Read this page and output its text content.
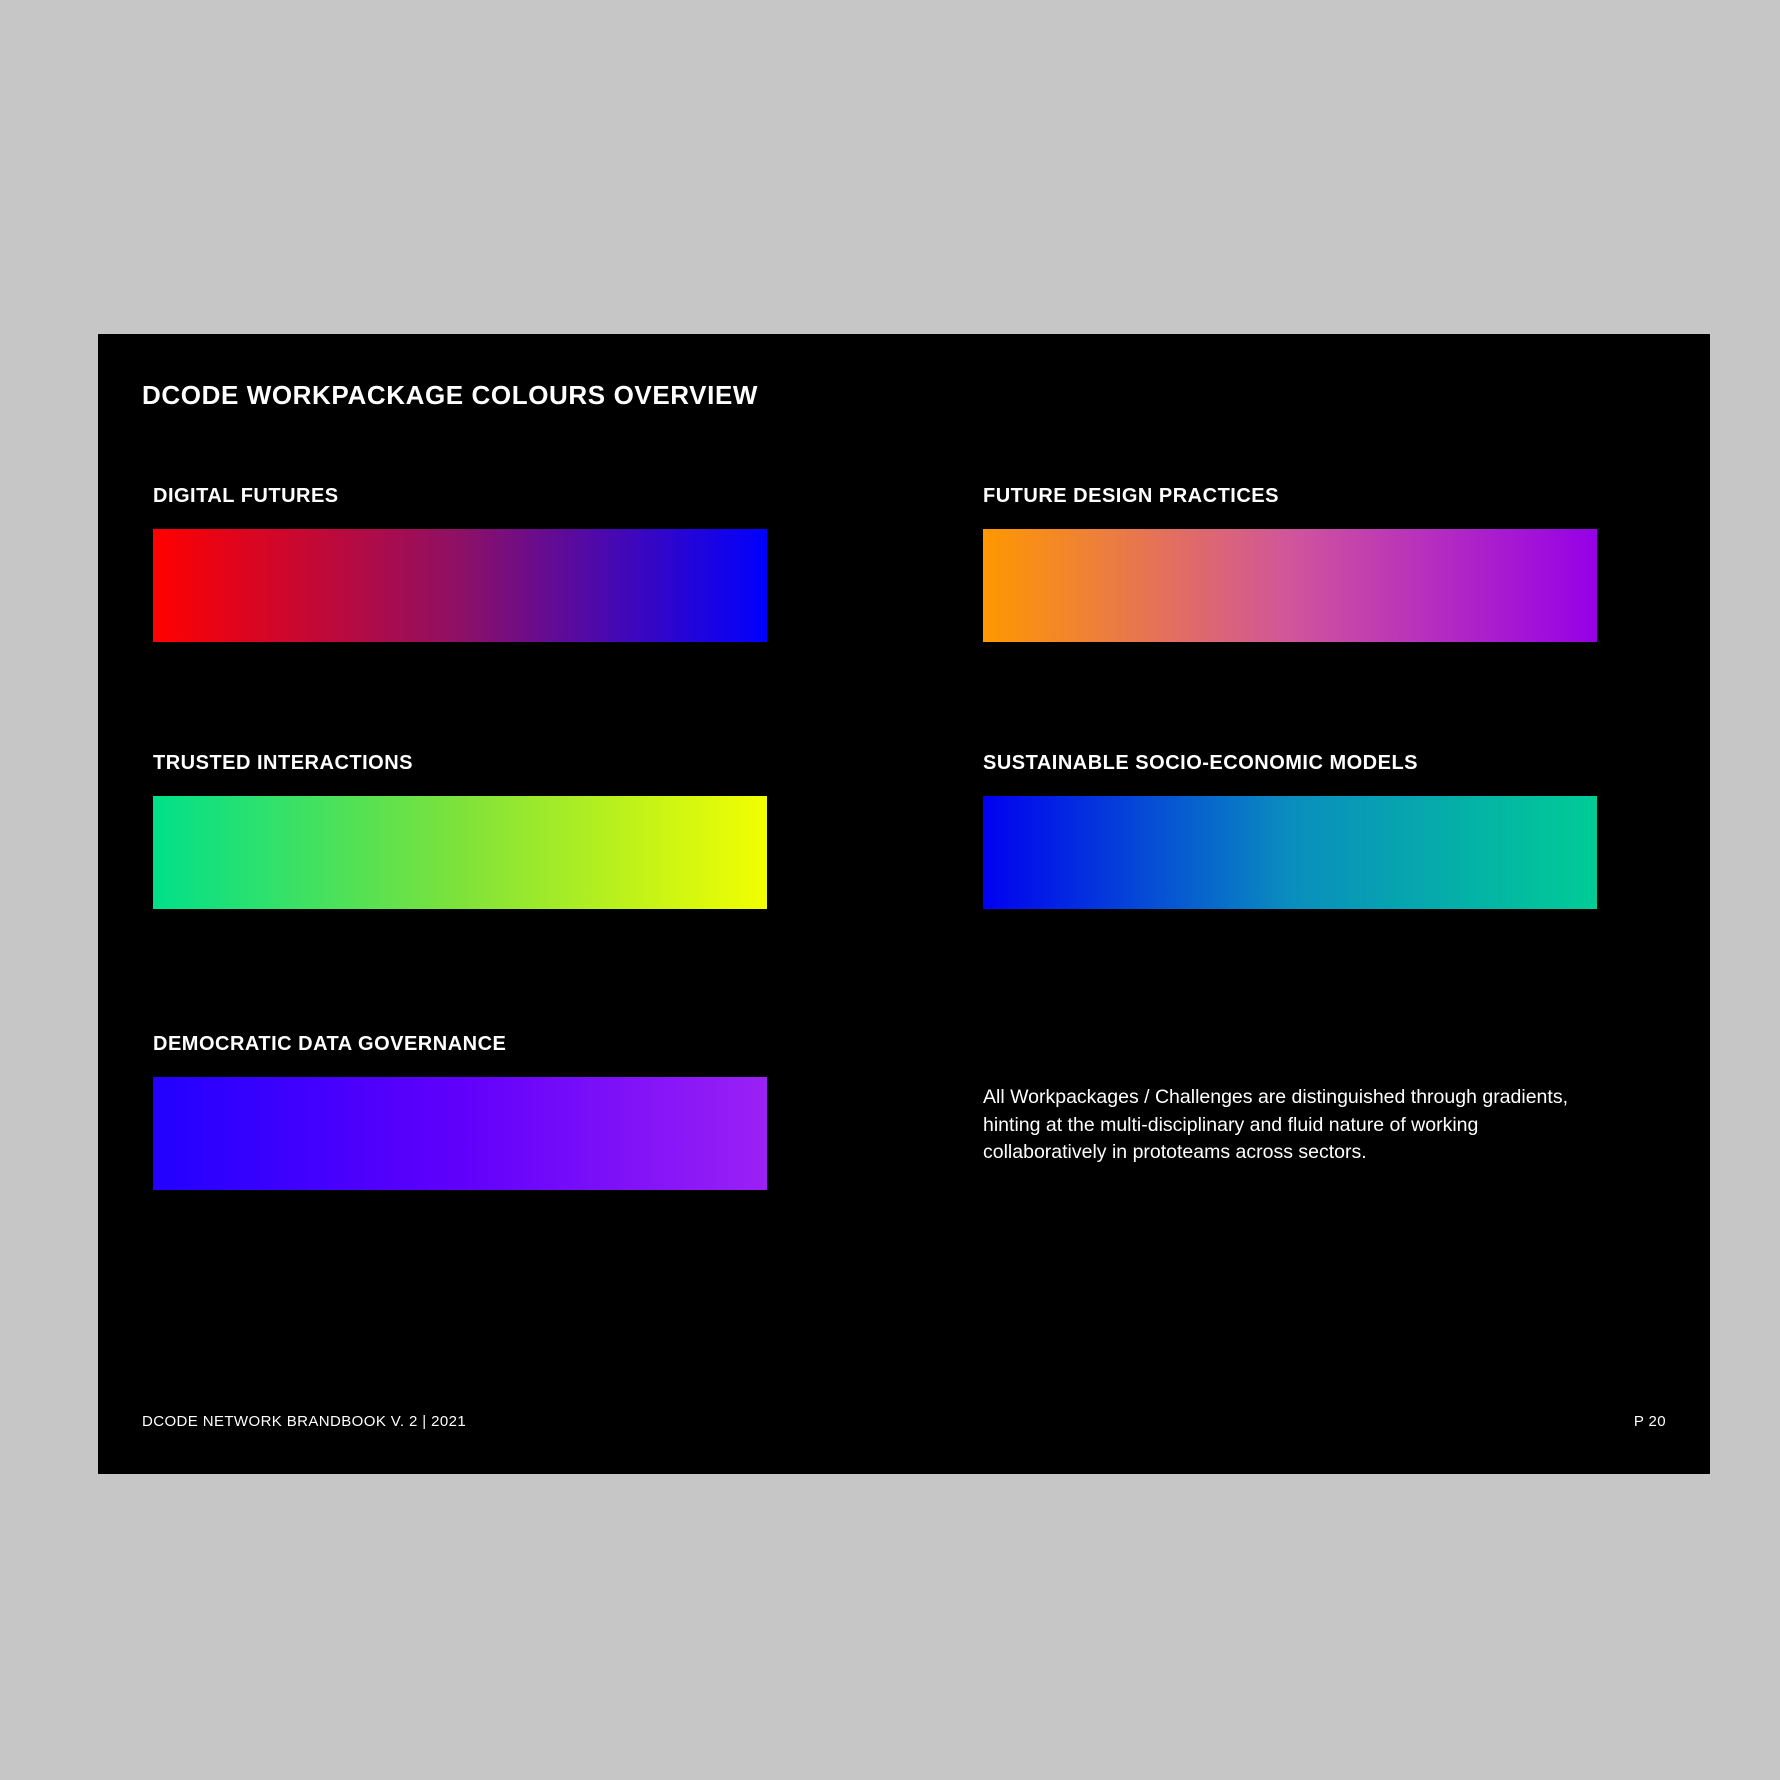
DCODE WORKPACKAGE COLOURS OVERVIEW
DIGITAL FUTURES	FUTURE DESIGN PRACTICES
TRUSTED INTERACTIONS	SUSTAINABLE SOCIO-ECONOMIC MODELS
DEMOCRATIC DATA GOVERNANCE
All Workpackages / Challenges are distinguished through gradients, hinting at the multi-disciplinary and fluid nature of working collaboratively in prototeams across sectors.
DCODE NETWORK BRANDBOOK V. 2 | 2021	P 20
